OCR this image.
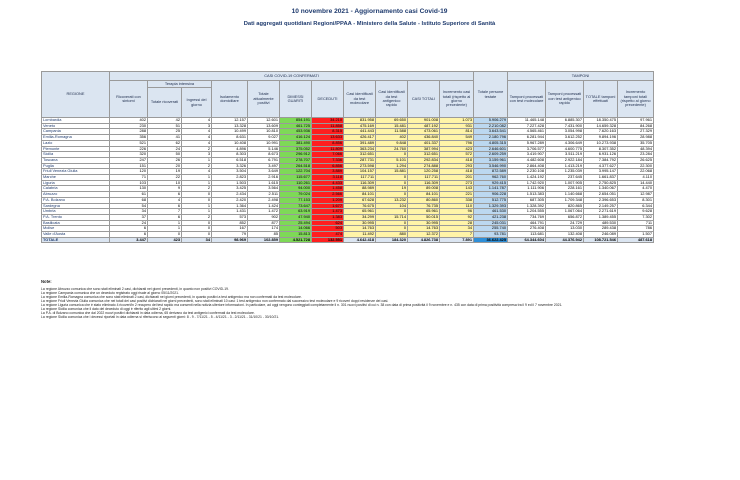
10 novembre 2021 - Aggiornamento casi Covid-19
Dati aggregati quotidiani Regioni/PPAA - Ministero della Salute - Istituto Superiore di Sanità
REGIONE	CASI COVID-19 CONFERMATI											Totale persone testate	TAMPONI			
	Ricoverati con sintomi	Terapia intensiva		Isolamento domiciliare	Totale attualmente positivi	DIMESSI GUARITI	DECEDUTI	Casi identificati da test molecolare	Casi identificati da test antigenico rapido	CASI TOTALI	Incremento casi totali (rispetto al giorno precedente)		Tamponi processati con test molecolare	Tamponi processati con test antigenico rapido	TOTALE tamponi effettuati	Incremento tamponi totali (rispetto al giorno precedente)
		Totale ricoverati	Ingressi del giorno													
Lombardia	402	42	4	12.157	12.601	854.191	34.210	831.958	69.650	901.008	1.073	5.906.279	11.465.148	6.885.307	18.350.475	97.961
Veneto	230	51	3	13.328	13.609	461.725	11.858	475.169	15.481	487.192	931	2.210.082	7.227.428	7.431.900	14.659.328	84.268
Campania	288	25	4	10.499	10.810	453.936	8.315	441.443	11.588	473.061	814	3.643.541	4.565.461	3.054.998	7.620.163	27.329
Emilia-Romagna	356	41	4	8.631	9.027	416.124	13.633	426.417	402	436.840	549	2.180.796	6.281.944	3.612.252	9.894.196	28.988
Lazio	521	62	4	10.408	10.991	381.490	8.856	391.489	9.848	401.337	796	4.805.315	5.967.289	4.306.649	10.273.938	35.705
Piemonte	226	24	2	4.896	5.146	375.052	11.809	363.234	24.760	387.994	423	2.646.601	3.706.577	4.600.775	8.307.352	48.394
Sicilia	320	50	3	8.303	8.673	296.912	7.066	312.651	0	312.651	572	2.609.259	3.419.907	3.511.219	6.931.126	23.284
Toscana	247	26	1	6.518	6.791	278.707	7.336	287.731	5.101	292.834	418	3.159.961	4.482.608	2.922.184	7.384.792	26.625
Puglia	151	20	2	3.326	3.497	264.518	6.856	273.598	1.294	274.888	293	3.546.990	2.864.408	1.413.219	4.377.627	22.300
Friuli Venezia Giulia	120	19	4	3.504	3.649	122.704	3.889	104.157	15.881	120.258	418	872.589	2.230.108	1.235.039	3.995.147	22.068
Marche	71	22	1	2.823	2.916	115.677	3.118	117.711	0	117.711	201	962.760	1.424.192	237.645	1.661.837	4.110
Liguria	103	10	1	1.503	1.615	110.261	4.433	116.309	0	116.309	273	929.415	1.742.920	1.007.905	2.750.825	14.440
Calabria	130	9	2	3.425	3.564	94.000	1.458	88.989	19	89.008	143	1.141.787	1.111.906	228.161	1.340.067	4.470
Abruzzo	61	6	0	2.434	2.511	79.024	2.566	84.101	0	84.101	221	906.228	1.513.383	1.140.668	2.654.051	12.987
P.A. Bolzano	68	4	0	2.420	2.498	77.153	1.209	67.628	13.232	80.860	338	512.775	687.305	1.709.348	2.396.653	8.301
Sardegna	54	6	1	1.364	1.424	73.647	1.677	76.675	104	76.735	110	1.329.393	1.328.392	820.865	2.149.257	6.344
Umbria	34	7	1	1.431	1.472	63.919	1.473	65.961	0	65.961	96	461.530	1.204.555	1.067.064	2.271.619	9.628
P.A. Trento	37	6	2	573	902	47.940	1.383	34.299	15.714	50.015	92	421.238	734.769	656.872	1.389.455	7.302
Basilicata	24	1	0	852	877	25.494	624	30.995	0	30.995	28	245.031	464.791	24.729	489.530	711
Molise	6	1	0	167	174	14.066	503	14.763	0	14.763	34	255.740	276.408	13.030	289.438	786
Valle d'Aosta	6	0	0	79	85	15.813	474	11.492	880	12.372	7	93.781	113.681	132.408	246.089	1.507
TOTALE	3.447	423	34	98.969	102.859	4.521.728	132.551	4.642.418	184.320	4.826.738	7.891	36.622.425	64.344.604	44.376.942	108.721.546	487.618
Note:
La regione Abruzzo comunica che sono stati eliminati 2 casi, dichiarati nei giorni precedenti, in quanto non positivi COVID-19.
La regione Campania comunica che un deceduto registrato oggi risale al giorno 05/11/2021.
La regione Emilia-Romagna comunica che sono stati eliminati 2 casi, dichiarati nei giorni precedenti, in quanto positivi a test antigenico ma non confermati da test molecolare.
La regione Friuli Venezia Giulia comunica che nei totali dei casi positivi dichiarati nei giorni precedenti, sono stati eliminati 10 casi: 1 test antigenico non confermato dal successivo test molecolare e 9 ricoveri doppi residenze dei casi.
La regione Liguria comunica che è stato eliminato 4 ricoveri/in 2 recupero del test rapido ma consenti nella notizia ulteriore informazioni. In particolare, ad oggi vengono conteggiati completamente il n. 301 nuovi positivi di cui n. 38 con data di prima positività il 9 novembre e n. 435 con data di prima positività compresa tra il 9 ed il 7 novembre 2021.
La regione Sicilia comunica che il dato del deceduto di oggi è riferito agli ultimi 2 giorni.
La P.A. di Bolzano comunica che dal 2022 nuovi positivi dichiarati in data odierna, 65 derivano da test antigenici confermati da test molecolare.
La regione Sicilia comunica che i decessi riportati in data odierna si riferiscono ai seguenti giorni: 8 - 9 - 7/11/21 - 5 - 4/11/21 - 3 - 2/11/21 - 31/10/21 - 30/10/21.
